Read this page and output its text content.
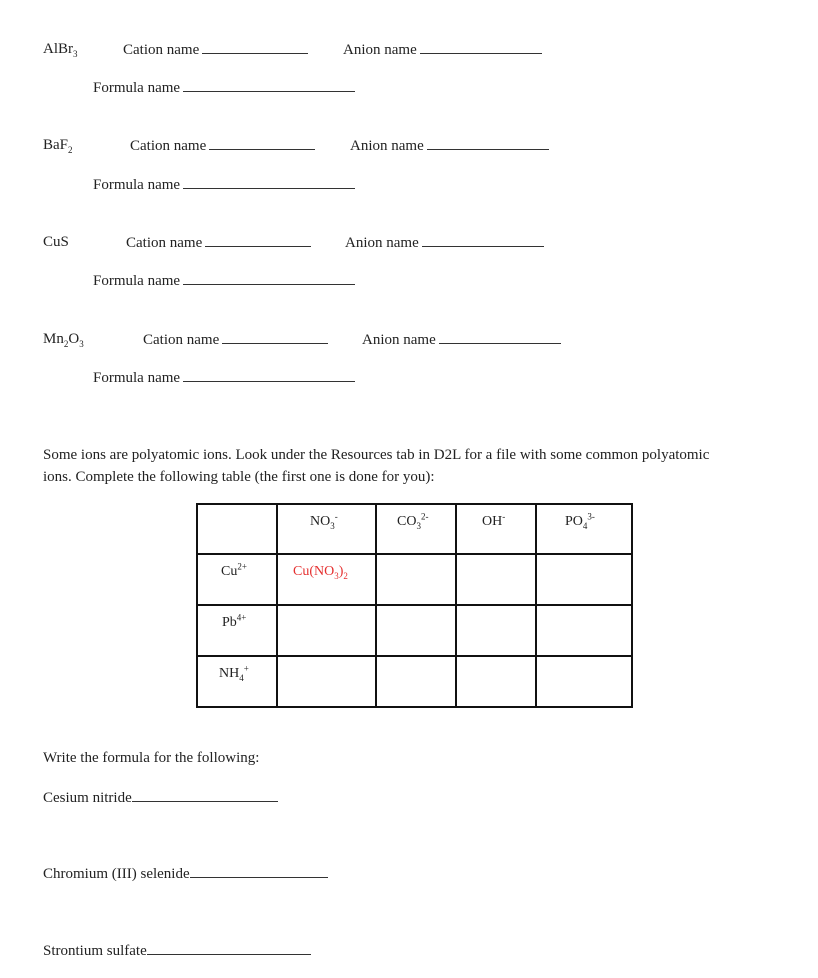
AlBr$_3$	Cation name	Anion name
Formula name
BaF$_2$	Cation name	Anion name
Formula name
CuS	Cation name	Anion name
Formula name
$Mn_2O_3$	Cation name	Anion name
Formula name
Some ions are polyatomic ions. Look under the Resources tab in D2L for a file with some common polyatomic
ions. Complete the following table (the first one is done for you):

	$NO_3^-$	$CO_3^{2-}$	OH-	$PO_4^{3-}$

$Cu^{2+}$	$Cu(NO_3)_2$

$Pb^{4+}$

$NH_4^+$

Write the formula for the following:
Cesium nitride
Chromium (III) selenide
Strontium sulfate
